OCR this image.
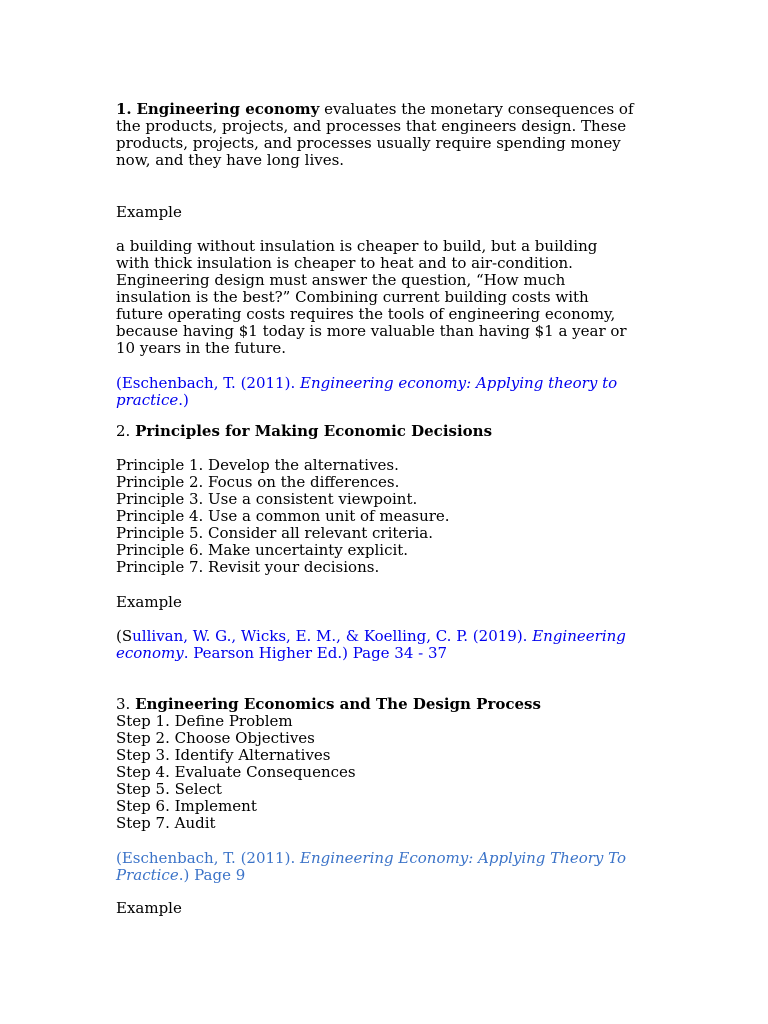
1. Engineering economy evaluates the monetary consequences of
the products, projects, and processes that engineers design. These
products, projects, and processes usually require spending money
now, and they have long lives.
Example
a building without insulation is cheaper to build, but a building
with thick insulation is cheaper to heat and to air-condition.
Engineering design must answer the question, “How much
insulation is the best?” Combining current building costs with
future operating costs requires the tools of engineering economy,
because having $1 today is more valuable than having $1 a year or
10 years in the future.
(Eschenbach, T. (2011). Engineering economy: Applying theory to
practice.)
2. Principles for Making Economic Decisions
Principle 1. Develop the alternatives.
Principle 2. Focus on the differences.
Principle 3. Use a consistent viewpoint.
Principle 4. Use a common unit of measure.
Principle 5. Consider all relevant criteria.
Principle 6. Make uncertainty explicit.
Principle 7. Revisit your decisions.
Example
(Sullivan, W. G., Wicks, E. M., & Koelling, C. P. (2019). Engineering
economy. Pearson Higher Ed.) Page 34 - 37
3. Engineering Economics and The Design Process
Step 1. Define Problem
Step 2. Choose Objectives
Step 3. Identify Alternatives
Step 4. Evaluate Consequences
Step 5. Select
Step 6. Implement
Step 7. Audit
(Eschenbach, T. (2011). Engineering Economy: Applying Theory To
Practice.) Page 9
Example
